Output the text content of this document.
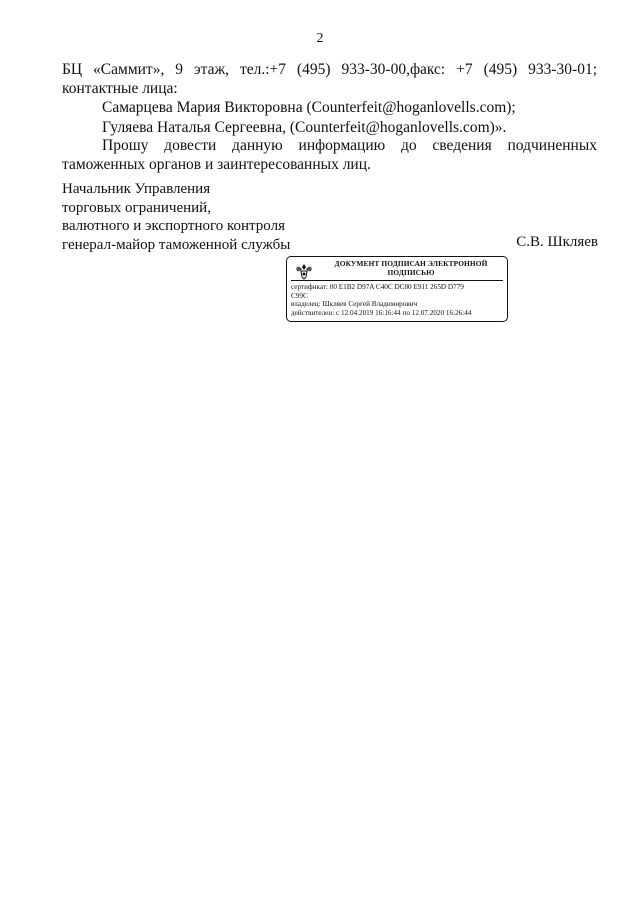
2
БЦ «Саммит», 9 этаж, тел.:+7 (495) 933-30-00,факс: +7 (495) 933-30-01;
контактные лица:
Самарцева Мария Викторовна (Counterfeit@hoganlovells.com);
Гуляева Наталья Сергеевна, (Counterfeit@hoganlovells.com)».
Прошу довести данную информацию до сведения подчиненных
таможенных органов и заинтересованных лиц.
Начальник Управления
торговых ограничений,
валютного и экспортного контроля
генерал-майор таможенной службы	С.В. Шкляев
ДОКУМЕНТ ПОДПИСАН ЭЛЕКТРОННОЙ
ПОДПИСЬЮ
сертификат: 00 E1B2 D97A C40C DC80 E911 265D D779
C99C
владелец: Шкляев Сергей Владимирович
действителен: с 12.04.2019 16:16:44 по 12.07.2020 16:26:44
